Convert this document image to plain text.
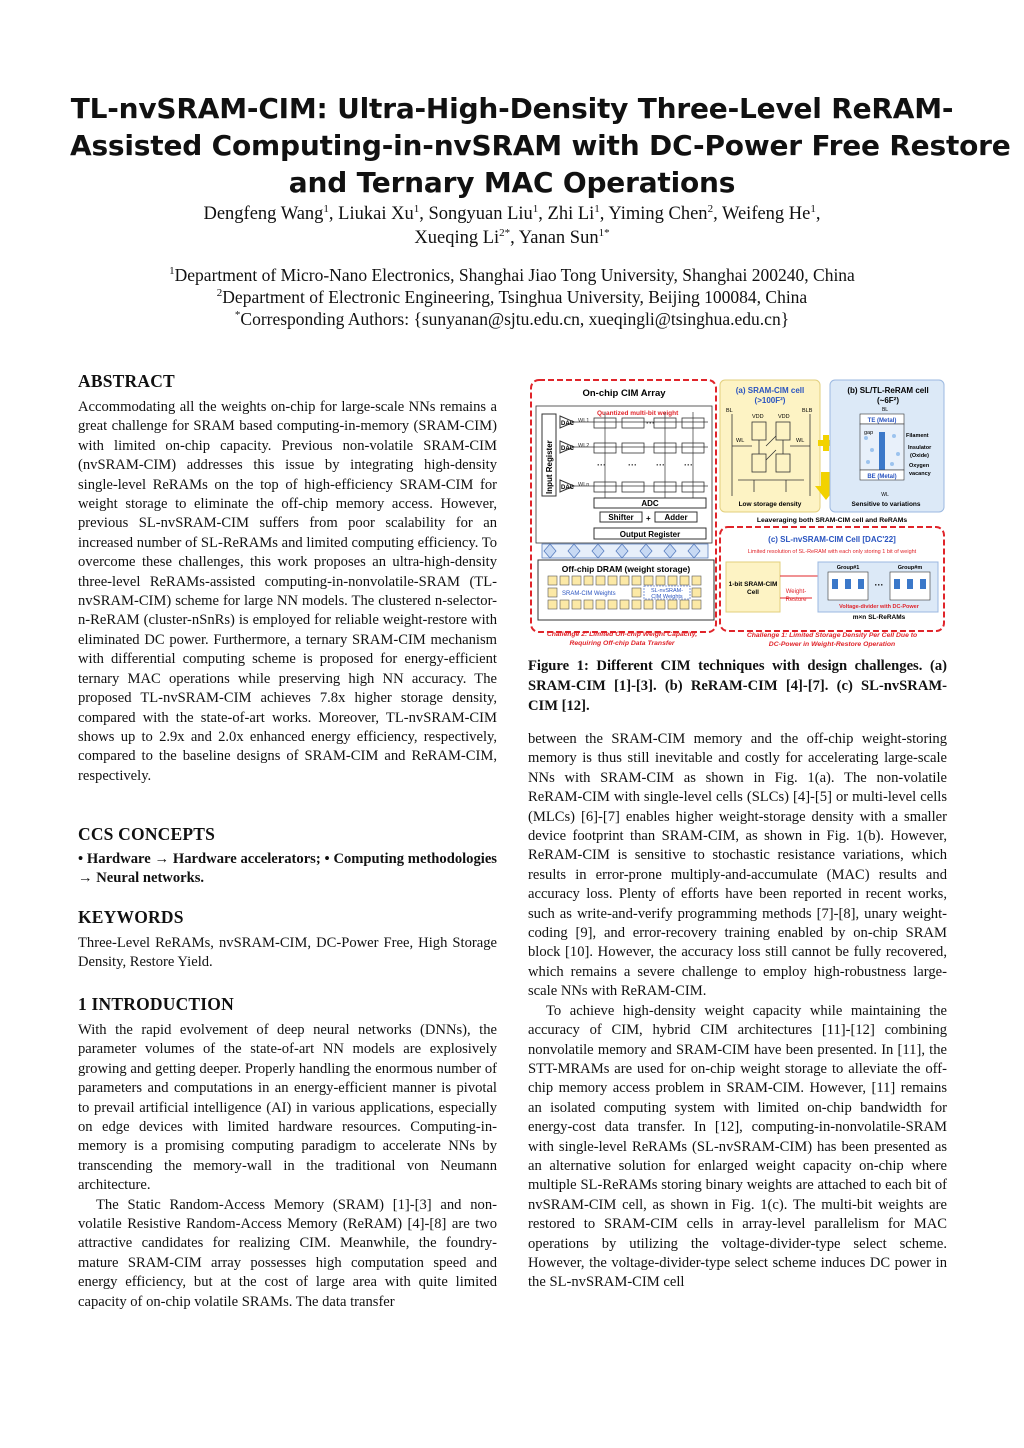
TL-nvSRAM-CIM: Ultra-High-Density Three-Level ReRAM-
Assisted Computing-in-nvSRAM with DC-Power Free Restore
and Ternary MAC Operations
Dengfeng Wang$^1$, Liukai Xu$^1$, Songyuan Liu$^1$, Zhi Li$^1$, Yiming Chen$^2$, Weifeng He$^1$,
Xueqing $Li^{2*}$, Yanan Sun$^{1*}$
$^1$Department of Micro-Nano Electronics, Shanghai Jiao Tong University, Shanghai 200240, China
$^2$Department of Electronic Engineering, Tsinghua University, Beijing 100084, China
*Corresponding Authors: {sunyanan@sjtu.edu.cn, xueqingli@tsinghua.edu.cn}
ABSTRACT

Accommodating all the weights on-chip for large-scale NNs remains a great challenge for SRAM based computing-in-memory (SRAM-CIM) with limited on-chip capacity. Previous non-volatile SRAM-CIM (nvSRAM-CIM) addresses this issue by integrating high-density single-level ReRAMs on the top of high-efficiency SRAM-CIM for weight storage to eliminate the off-chip memory access. However, previous SL-nvSRAM-CIM suffers from poor scalability for an increased number of SL-ReRAMs and limited computing efficiency. To overcome these challenges, this work proposes an ultra-high-density three-level ReRAMs-assisted computing-in-nonvolatile-SRAM (TL-nvSRAM-CIM) scheme for large NN models. The clustered n-selector-n-ReRAM (cluster-nSnRs) is employed for reliable weight-restore with eliminated DC power. Furthermore, a ternary SRAM-CIM mechanism with differential computing scheme is proposed for energy-efficient ternary MAC operations while preserving high NN accuracy. The proposed TL-nvSRAM-CIM achieves 7.8x higher storage density, compared with the state-of-art works. Moreover, TL-nvSRAM-CIM shows up to 2.9x and 2.0x enhanced energy efficiency, respectively, compared to the baseline designs of SRAM-CIM and ReRAM-CIM, respectively.

CCS CONCEPTS

• Hardware → Hardware accelerators; • Computing methodologies → Neural networks.

KEYWORDS

Three-Level ReRAMs, nvSRAM-CIM, DC-Power Free, High Storage Density, Restore Yield.

1 INTRODUCTION

With the rapid evolvement of deep neural networks (DNNs), the parameter volumes of the state-of-art NN models are explosively growing and getting deeper. Properly handling the enormous number of parameters and computations in an energy-efficient manner is pivotal to prevail artificial intelligence (AI) in various applications, especially on edge devices with limited hardware resources. Computing-in-memory is a promising computing paradigm to accelerate NNs by transcending the memory-wall in the traditional von Neumann architecture.

The Static Random-Access Memory (SRAM) [1]-[3] and non-volatile Resistive Random-Access Memory (ReRAM) [4]-[8] are two attractive candidates for realizing CIM. Meanwhile, the foundry-mature SRAM-CIM array possesses high computation speed and energy efficiency, but at the cost of large area with quite limited capacity of on-chip volatile SRAMs. The data transfer

On-chip CIM Array
Input Register
Quantized multi-bit weight
DAC
DAC
DAC
WL1
WL2
WLn
···
··· ··· ··· ···
ADC
Shifter + Adder
Output Register
Off-chip DRAM (weight storage)
SRAM-CIM Weights	SL-nvSRAM-
CIM Weights
Challenge 2: Limited On-chip Weight Capacity,
Requiring Off-chip Data Transfer
(a) SRAM-CIM cell
(>100F²)
BL	BLB
VDD	VDD
WL	WL
Low storage density
(b) SL/TL-ReRAM cell
(~6F²)
BL
TE (Metal)
gap
BE (Metal)
Filament
Insulator
(Oxide)
Oxygen
vacancy
WL
Sensitive to variations
Leaveraging both SRAM-CIM cell and ReRAMs
(c) SL-nvSRAM-CIM Cell [DAC'22]
Limited resolution of SL-ReRAM with each only storing 1 bit of weight
1-bit SRAM-CIM
Cell	Weight-
Restore
Group#1	Group#m
···
Voltage-divider with DC-Power
m×n SL-ReRAMs
Challenge 1: Limited Storage Density Per Cell Due to
DC-Power in Weight-Restore Operation
Figure 1: Different CIM techniques with design challenges. (a) SRAM-CIM [1]-[3]. (b) ReRAM-CIM [4]-[7]. (c) SL-nvSRAM-CIM [12].

between the SRAM-CIM memory and the off-chip weight-storing memory is thus still inevitable and costly for accelerating large-scale NNs with SRAM-CIM as shown in Fig. 1(a). The non-volatile ReRAM-CIM with single-level cells (SLCs) [4]-[5] or multi-level cells (MLCs) [6]-[7] enables higher weight-storage density with a smaller device footprint than SRAM-CIM, as shown in Fig. 1(b). However, ReRAM-CIM is sensitive to stochastic resistance variations, which results in error-prone multiply-and-accumulate (MAC) results and accuracy loss. Plenty of efforts have been reported in recent works, such as write-and-verify programming methods [7]-[8], unary weight-coding [9], and error-recovery training enabled by on-chip SRAM block [10]. However, the accuracy loss still cannot be fully recovered, which remains a severe challenge to employ high-robustness large-scale NNs with ReRAM-CIM.

To achieve high-density weight capacity while maintaining the accuracy of CIM, hybrid CIM architectures [11]-[12] combining nonvolatile memory and SRAM-CIM have been presented. In [11], the STT-MRAMs are used for on-chip weight storage to alleviate the off-chip memory access problem in SRAM-CIM. However, [11] remains an isolated computing system with limited on-chip bandwidth for energy-cost data transfer. In [12], computing-in-nonvolatile-SRAM with single-level ReRAMs (SL-nvSRAM-CIM) has been presented as an alternative solution for enlarged weight capacity on-chip where multiple SL-ReRAMs storing binary weights are attached to each bit of nvSRAM-CIM cell, as shown in Fig. 1(c). The multi-bit weights are restored to SRAM-CIM cells in array-level parallelism for MAC operations by utilizing the voltage-divider-type select scheme. However, the voltage-divider-type select scheme induces DC power in the SL-nvSRAM-CIM cell
